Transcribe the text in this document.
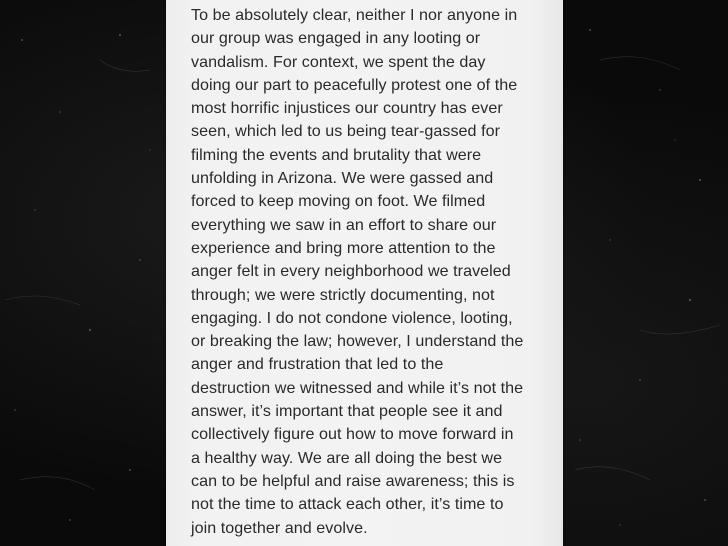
To be absolutely clear, neither I nor anyone in
our group was engaged in any looting or
vandalism. For context, we spent the day
doing our part to peacefully protest one of the
most horrific injustices our country has ever
seen, which led to us being tear-gassed for
filming the events and brutality that were
unfolding in Arizona. We were gassed and
forced to keep moving on foot. We filmed
everything we saw in an effort to share our
experience and bring more attention to the
anger felt in every neighborhood we traveled
through; we were strictly documenting, not
engaging. I do not condone violence, looting,
or breaking the law; however, I understand the
anger and frustration that led to the
destruction we witnessed and while it’s not the
answer, it’s important that people see it and
collectively figure out how to move forward in
a healthy way. We are all doing the best we
can to be helpful and raise awareness; this is
not the time to attack each other, it’s time to
join together and evolve.
